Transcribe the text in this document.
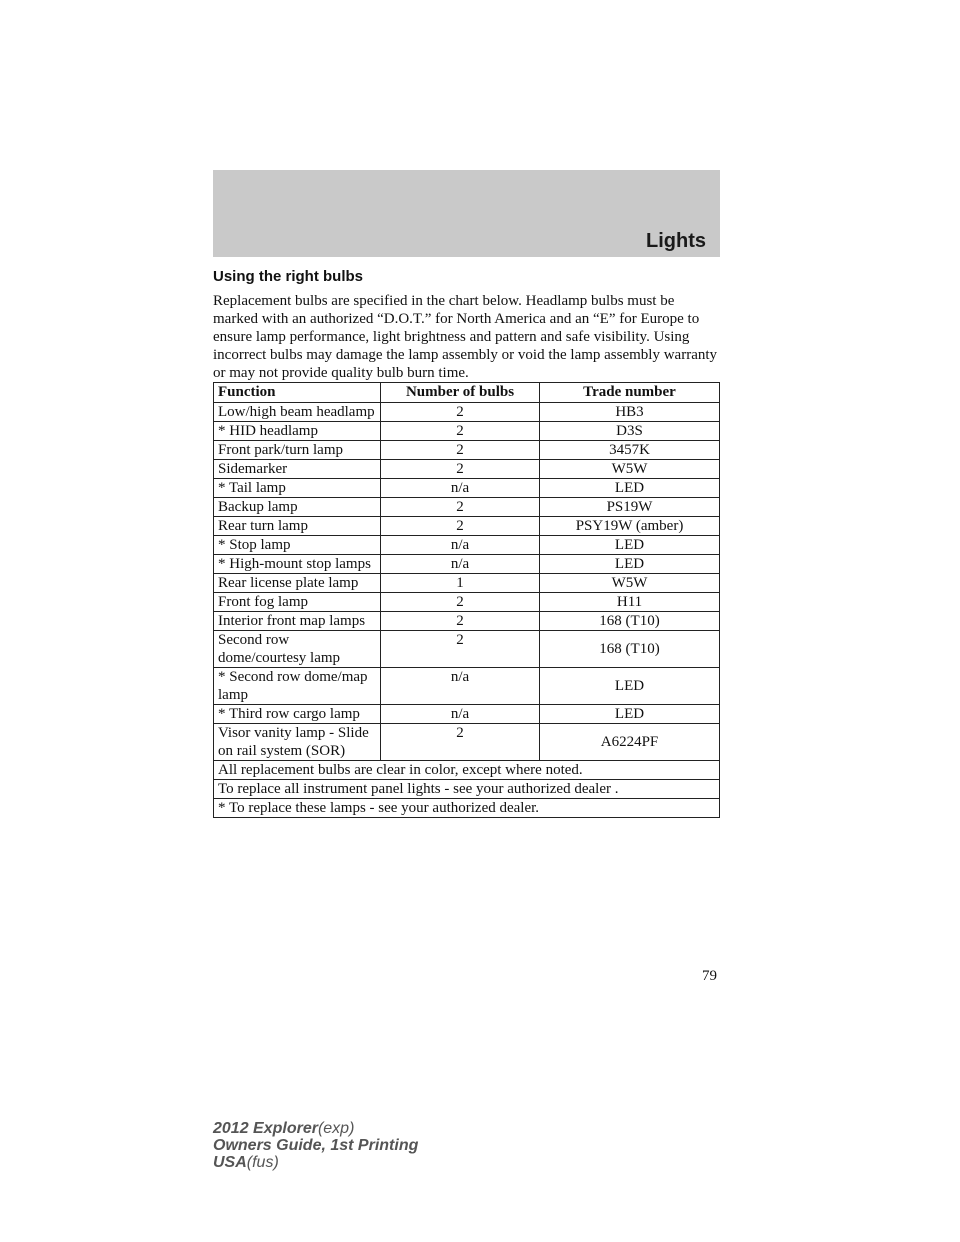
Lights
Using the right bulbs

Replacement bulbs are specified in the chart below. Headlamp bulbs must be marked with an authorized “D.O.T.” for North America and an “E” for Europe to ensure lamp performance, light brightness and pattern and safe visibility. Using incorrect bulbs may damage the lamp assembly or void the lamp assembly warranty or may not provide quality bulb burn time.

Function	Number of bulbs	Trade number
Low/high beam headlamp	2	HB3
* HID headlamp	2	D3S
Front park/turn lamp	2	3457K
Sidemarker	2	W5W
* Tail lamp	n/a	LED
Backup lamp	2	PS19W
Rear turn lamp	2	PSY19W (amber)
* Stop lamp	n/a	LED
* High-mount stop lamps	n/a	LED
Rear license plate lamp	1	W5W
Front fog lamp	2	H11
Interior front map lamps	2	168 (T10)
Second row dome/courtesy lamp	2	168 (T10)
* Second row dome/map lamp	n/a	LED
* Third row cargo lamp	n/a	LED
Visor vanity lamp - Slide on rail system (SOR)	2	A6224PF
All replacement bulbs are clear in color, except where noted.		
To replace all instrument panel lights - see your authorized dealer .		
* To replace these lamps - see your authorized dealer.		
79
2012 Explorer(exp)
Owners Guide, 1st Printing
USA(fus)
